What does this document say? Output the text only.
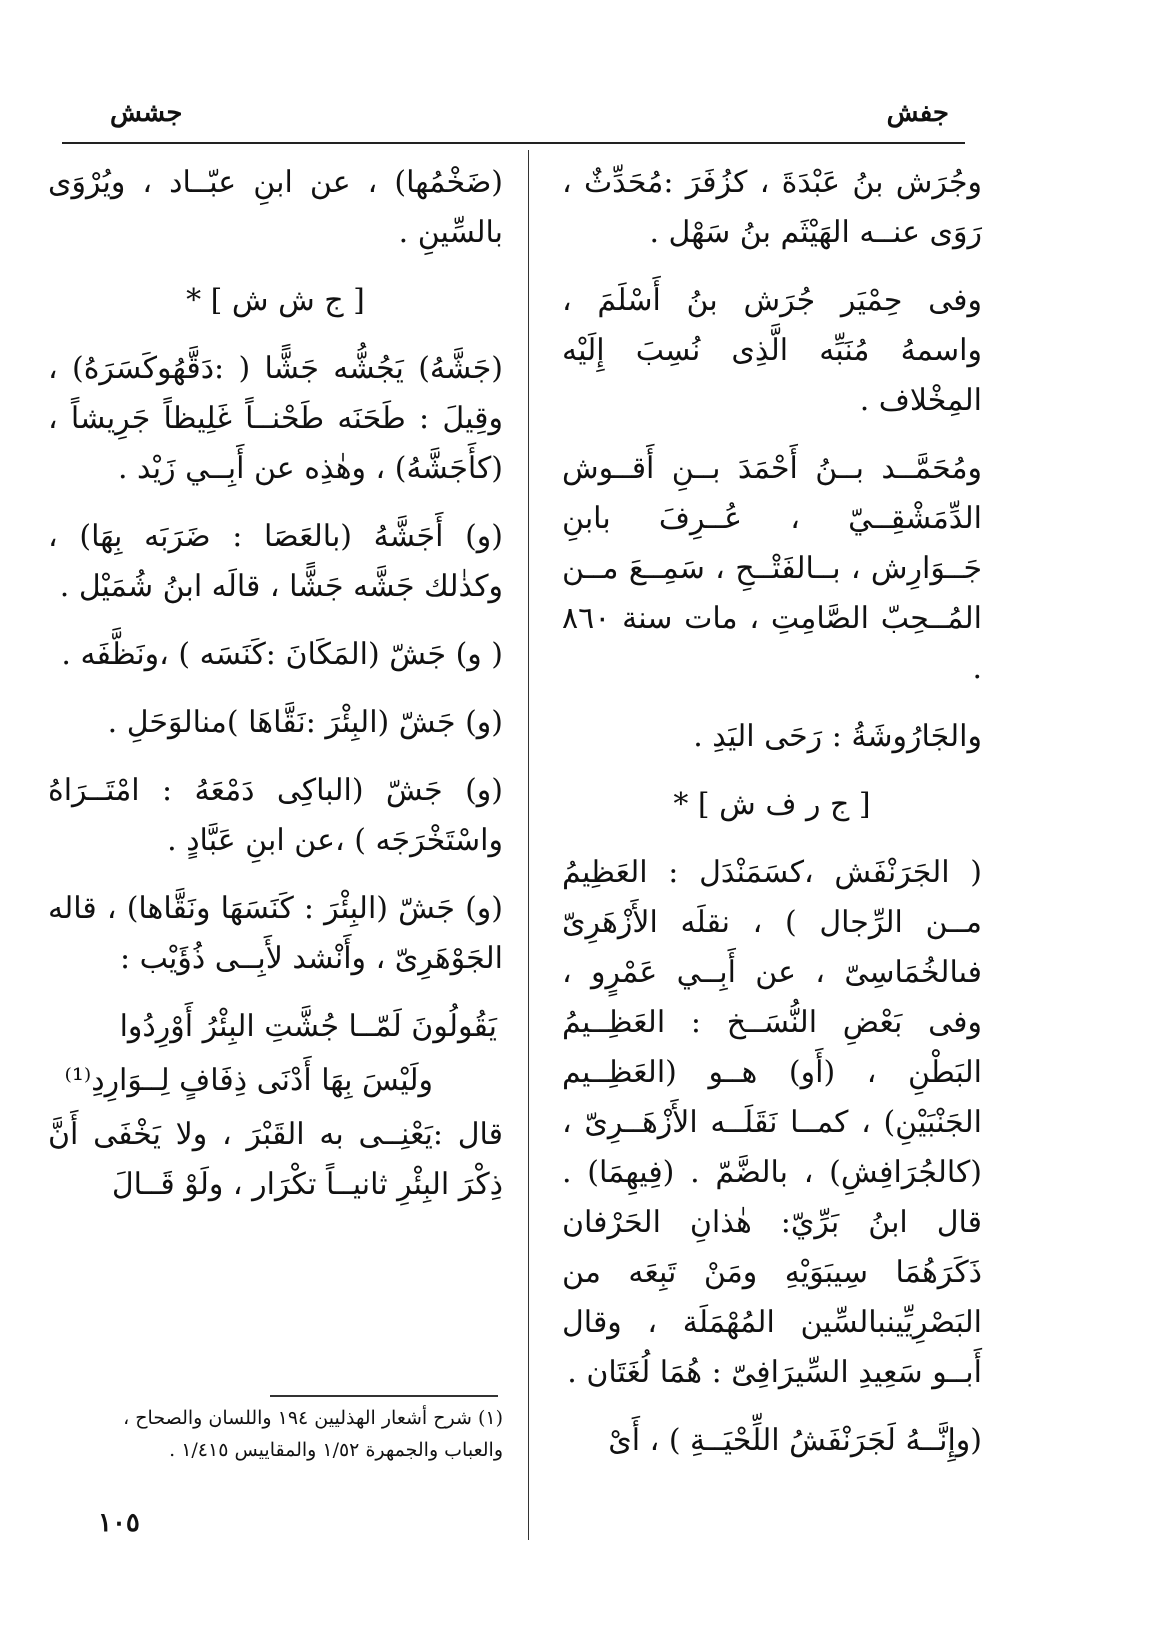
جفش
جشش

وجُرَش بنُ عَبْدَةَ ، كزُفَرَ :مُحَدِّثٌ ، رَوَى عنــه الهَيْثَم بنُ سَهْل .

وفى حِمْيَر جُرَش بنُ أَسْلَمَ ، واسمهُ مُنَبِّه الَّذِى نُسِبَ إِلَيْه المِخْلاف .

ومُحَمَّــد بــنُ أَحْمَدَ بــنِ أَقــوش الدِّمَشْقِــيّ ، عُــرِفَ بابنِ جَــوَارِش ، بــالفَتْــحِ ، سَمِــعَ مــن المُــحِبّ الصَّامِتِ ، مات سنة ٨٦٠ .

والجَارُوشَةُ : رَحَى اليَدِ .

[ ج ر ف ش ] *

( الجَرَنْفَش ،كسَمَنْدَل : العَظِيمُ مــن الرِّجال ) ، نقلَه الأَزْهَرِىّ فىالخُمَاسِىّ ، عن أَبِــي عَمْرٍو ، وفى بَعْضِ النُّسَــخ : العَظِــيمُ البَطْنِ ، (أَو) هــو (العَظِــيم الجَنْبَيْنِ) ، كمــا نَقَلَــه الأَزْهَــرِىّ ، (كالجُرَافِشِ) ، بالضَّمّ . (فِيهِمَا) . قال ابنُ بَرِّيّ: هٰذانِ الحَرْفان ذَكَرَهُمَا سِيبَوَيْهِ ومَنْ تَبِعَه من البَصْرِيِّينبالسِّين المُهْمَلَة ، وقال أَبــو سَعِيدِ السِّيرَافِىّ : هُمَا لُغَتَان .

(وإِنَّــهُ لَجَرَنْفَشُ اللِّحْيَــةِ ) ، أَىْ

(ضَخْمُها) ، عن ابنِ عبّــاد ، ويُرْوَى بالسِّينِ .

[ ج ش ش ] *

(جَشَّهُ) يَجُشُّه جَشًّا ( :دَقَّهُوكَسَرَهُ) ، وقِيلَ : طَحَنَه طَحْنــاً غَلِيظاً جَرِيشاً ، (كأَجَشَّهُ) ، وهٰذِه عن أَبِــي زَيْد .

(و) أَجَشَّهُ (بالعَصَا : ضَرَبَه بِهَا) ، وكذٰلك جَشَّه جَشًّا ، قالَه ابنُ شُمَيْل .

( و) جَشّ (المَكَانَ :كَنَسَه ) ،ونَظَّفَه .

(و) جَشّ (البِئْرَ :نَقَّاهَا )منالوَحَلِ .

(و) جَشّ (الباكِى دَمْعَهُ : امْتَــرَاهُ واسْتَخْرَجَه ) ،عن ابنِ عَبَّادٍ .

(و) جَشّ (البِئْرَ : كَنَسَهَا ونَقَّاها) ، قاله الجَوْهَرِىّ ، وأَنْشد لأَبِــى ذُؤَيْب :

يَقُولُونَ لَمّــا جُشَّتِ البِئْرُ أَوْرِدُوا
ولَيْسَ بِهَا أَدْنَى ذِفَافٍ لِــوَارِدِ⁽¹⁾

قال :يَعْنِــى به القَبْرَ ، ولا يَخْفَى أَنَّ ذِكْرَ البِئْرِ ثانيــاً تكْرَار ، ولَوْ قَــالَ

(١) شرح أشعار الهذليين ١٩٤ واللسان والصحاح ،
والعباب والجمهرة ١/٥٢ والمقاييس ١/٤١٥ .
١٠٥
